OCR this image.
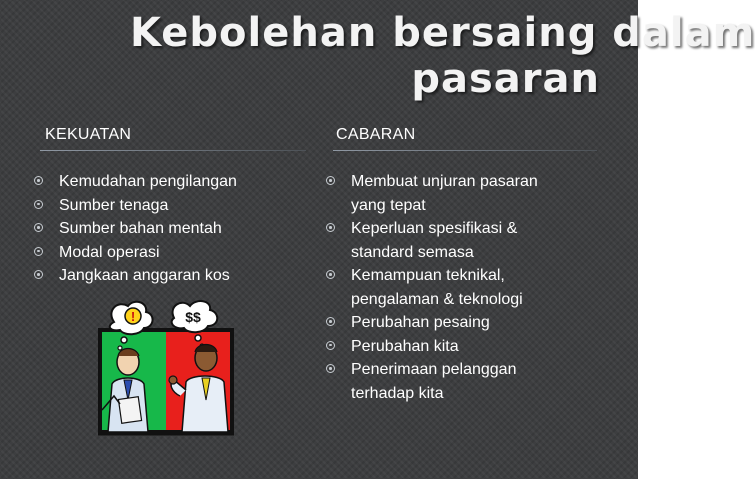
Kebolehan bersaing dalam
pasaran
KEKUATAN
Kemudahan pengilangan
Sumber tenaga
Sumber bahan mentah
Modal operasi
Jangkaan anggaran kos
CABARAN
Membuat unjuran pasaran
yang tepat
Keperluan spesifikasi &
standard semasa
Kemampuan teknikal,
pengalaman & teknologi
Perubahan pesaing
Perubahan kita
Penerimaan pelanggan
terhadap kita
!	$$
